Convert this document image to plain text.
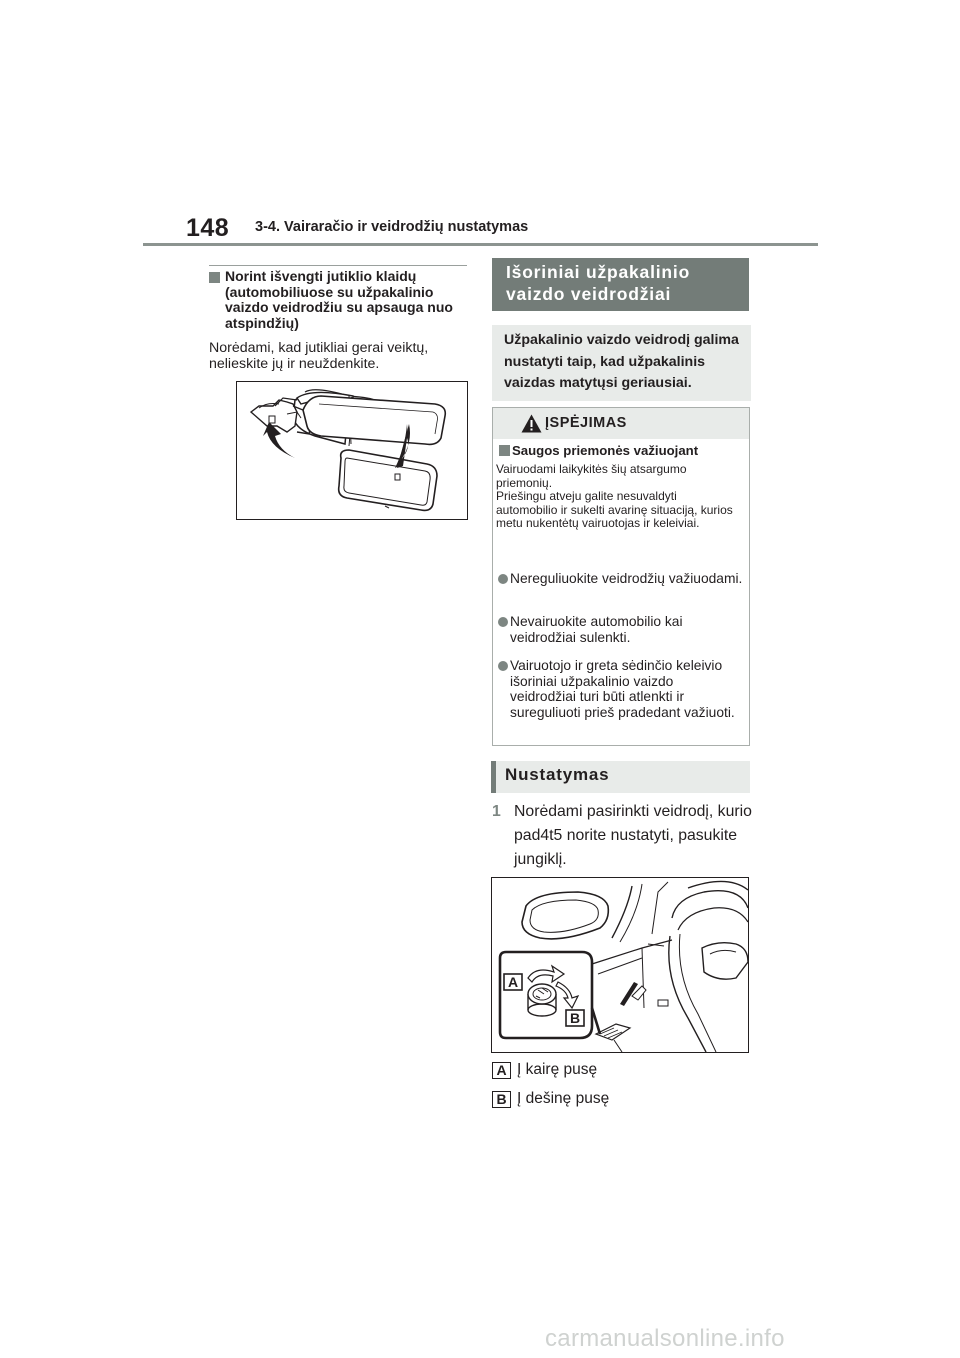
148 3-4. Vairaračio ir veidrodžių nustatymas
Norint išvengti jutiklio klaidų (automobiliuose su užpakalinio vaizdo veidrodžiu su apsauga nuo atspindžių)
Norėdami, kad jutikliai gerai veiktų, nelieskite jų ir neuždenkite.
Išoriniai užpakalinio vaizdo veidrodžiai
Užpakalinio vaizdo veidrodį galima nustatyti taip, kad užpakalinis vaizdas matytųsi geriausiai.
ĮSPĖJIMAS
Saugos priemonės važiuojant
Vairuodami laikykitės šių atsargumo priemonių.
Priešingu atveju galite nesuvaldyti automobilio ir sukelti avarinę situaciją, kurios metu nukentėtų vairuotojas ir keleiviai.
Nereguliuokite veidrodžių važiuodami.
Nevairuokite automobilio kai veidrodžiai sulenkti.
Vairuotojo ir greta sėdinčio keleivio išoriniai užpakalinio vaizdo veidrodžiai turi būti atlenkti ir sureguliuoti prieš pradedant važiuoti.
Nustatymas
1 Norėdami pasirinkti veidrodį, kurio pad4t5 norite nustatyti, pasukite jungiklį.
A
B
A Į kairę pusę
B Į dešinę pusę
carmanualsonline.info
